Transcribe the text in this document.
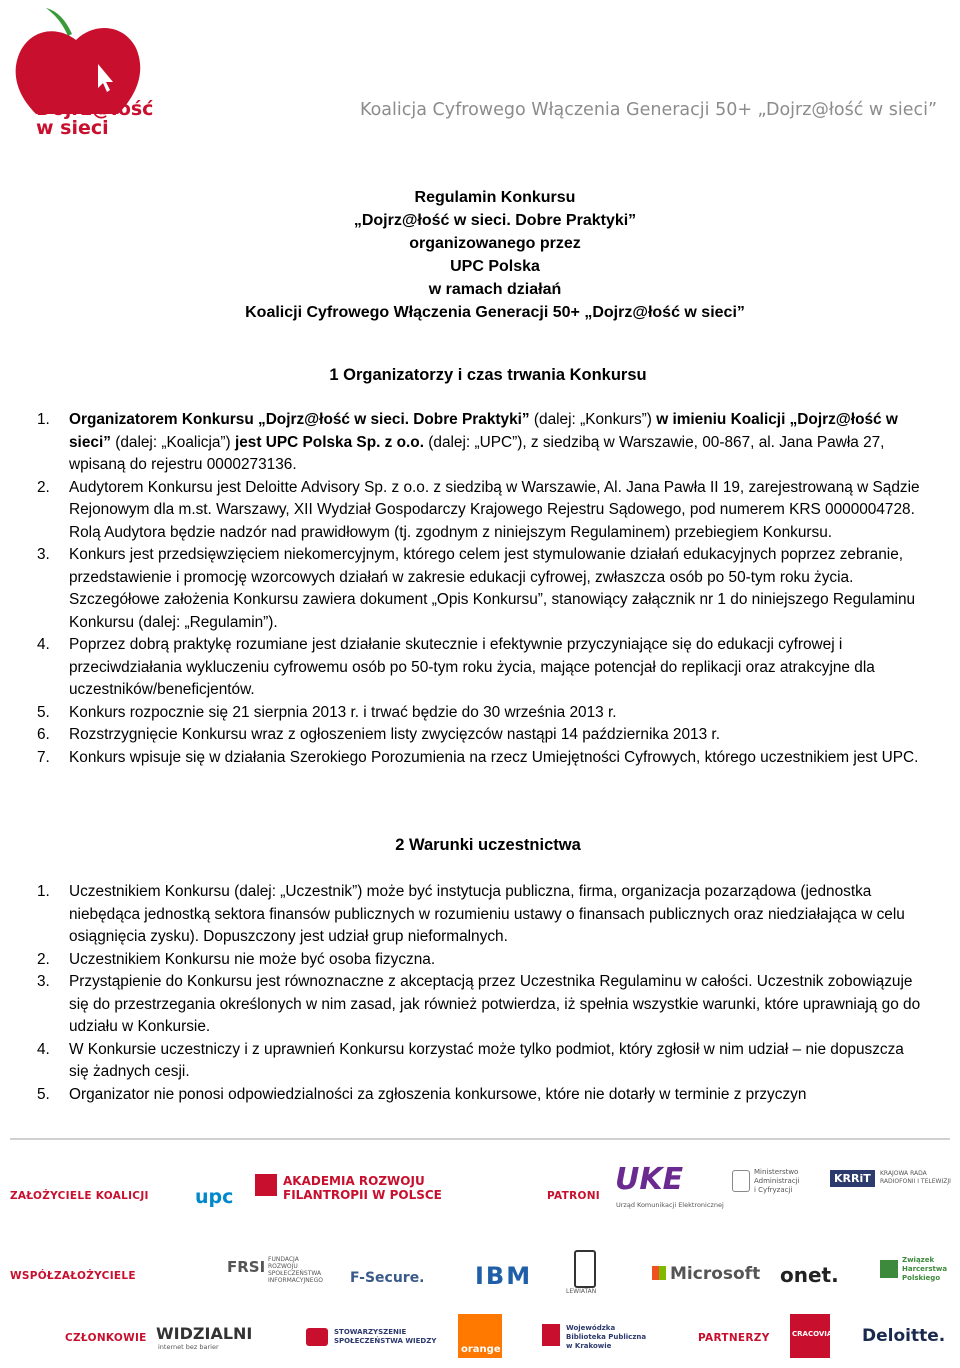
Dojrz@łość
w sieci
Koalicja Cyfrowego Włączenia Generacji 50+ „Dojrz@łość w sieci”
Regulamin Konkursu
„Dojrz@łość w sieci. Dobre Praktyki”
organizowanego przez
UPC Polska
w ramach działań
Koalicji Cyfrowego Włączenia Generacji 50+ „Dojrz@łość w sieci”
1 Organizatorzy i czas trwania Konkursu
1. Organizatorem Konkursu „Dojrz@łość w sieci. Dobre Praktyki” (dalej: „Konkurs”) w imieniu Koalicji „Dojrz@łość w sieci” (dalej: „Koalicja”) jest UPC Polska Sp. z o.o. (dalej: „UPC”), z siedzibą w Warszawie, 00-867, al. Jana Pawła 27, wpisaną do rejestru 0000273136.
2. Audytorem Konkursu jest Deloitte Advisory Sp. z o.o. z siedzibą w Warszawie, Al. Jana Pawła II 19, zarejestrowaną w Sądzie Rejonowym dla m.st. Warszawy, XII Wydział Gospodarczy Krajowego Rejestru Sądowego, pod numerem KRS 0000004728. Rolą Audytora będzie nadzór nad prawidłowym (tj. zgodnym z niniejszym Regulaminem) przebiegiem Konkursu.
3. Konkurs jest przedsięwzięciem niekomercyjnym, którego celem jest stymulowanie działań edukacyjnych poprzez zebranie, przedstawienie i promocję wzorcowych działań w zakresie edukacji cyfrowej, zwłaszcza osób po 50-tym roku życia. Szczegółowe założenia Konkursu zawiera dokument „Opis Konkursu”, stanowiący załącznik nr 1 do niniejszego Regulaminu Konkursu (dalej: „Regulamin”).
4. Poprzez dobrą praktykę rozumiane jest działanie skutecznie i efektywnie przyczyniające się do edukacji cyfrowej i przeciwdziałania wykluczeniu cyfrowemu osób po 50-tym roku życia, mające potencjał do replikacji oraz atrakcyjne dla uczestników/beneficjentów.
5. Konkurs rozpocznie się 21 sierpnia 2013 r. i trwać będzie do 30 września 2013 r.
6. Rozstrzygnięcie Konkursu wraz z ogłoszeniem listy zwycięzców nastąpi 14 października 2013 r.
7. Konkurs wpisuje się w działania Szerokiego Porozumienia na rzecz Umiejętności Cyfrowych, którego uczestnikiem jest UPC.
2 Warunki uczestnictwa
1. Uczestnikiem Konkursu (dalej: „Uczestnik”) może być instytucja publiczna, firma, organizacja pozarządowa (jednostka niebędąca jednostką sektora finansów publicznych w rozumieniu ustawy o finansach publicznych oraz niedziałająca w celu osiągnięcia zysku). Dopuszczony jest udział grup nieformalnych.
2. Uczestnikiem Konkursu nie może być osoba fizyczna.
3. Przystąpienie do Konkursu jest równoznaczne z akceptacją przez Uczestnika Regulaminu w całości. Uczestnik zobowiązuje się do przestrzegania określonych w nim zasad, jak również potwierdza, iż spełnia wszystkie warunki, które uprawniają go do udziału w Konkursie.
4. W Konkursie uczestniczy i z uprawnień Konkursu korzystać może tylko podmiot, który zgłosił w nim udział – nie dopuszcza się żadnych cesji.
5. Organizator nie ponosi odpowiedzialności za zgłoszenia konkursowe, które nie dotarły w terminie z przyczyn
ZAŁOŻYCIELE KOALICJI upc
AKADEMIA ROZWOJU
FILANTROPII W POLSCE	PATRONI UKE
Urząd Komunikacji Elektronicznej
Ministerstwo
Administracji
i Cyfryzacji
KRRiT	KRAJOWA RADA
RADIOFONII I TELEWIZJI
WSPÓŁZAŁOŻYCIELE	FRSI FUNDACJA
ROZWOJU
SPOŁECZEŃSTWA
INFORMACYJNEGO F-Secure. IBM
LEWIATAN
Microsoft onet.
Związek
Harcerstwa
Polskiego
CZŁONKOWIE WIDZIALNI
internet bez barier
STOWARZYSZENIE
SPOŁECZEŃSTWA WIEDZY
orange
Wojewódzka
Biblioteka Publiczna
w Krakowie
PARTNERZY	CRACOVIA Deloitte.
